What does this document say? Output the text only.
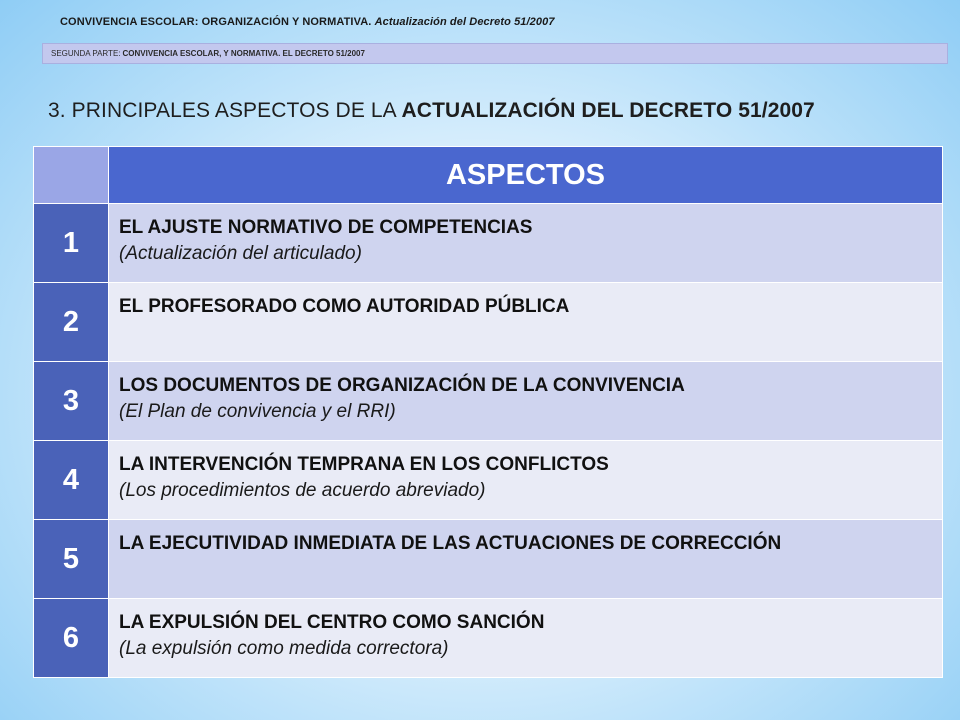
CONVIVENCIA ESCOLAR: ORGANIZACIÓN Y NORMATIVA. Actualización del Decreto 51/2007
SEGUNDA PARTE: CONVIVENCIA ESCOLAR, Y NORMATIVA. EL DECRETO 51/2007
3. PRINCIPALES ASPECTOS DE LA ACTUALIZACIÓN DEL DECRETO 51/2007
	ASPECTOS
1	EL AJUSTE NORMATIVO DE COMPETENCIAS
(Actualización del articulado)

2	EL PROFESORADO COMO AUTORIDAD PÚBLICA

3	LOS DOCUMENTOS DE ORGANIZACIÓN DE LA CONVIVENCIA
(El Plan de convivencia y el RRI)

4	LA INTERVENCIÓN TEMPRANA EN LOS CONFLICTOS
(Los procedimientos de acuerdo abreviado)

5	LA EJECUTIVIDAD INMEDIATA DE LAS ACTUACIONES DE CORRECCIÓN

6	LA EXPULSIÓN DEL CENTRO COMO SANCIÓN
(La expulsión como medida correctora)
